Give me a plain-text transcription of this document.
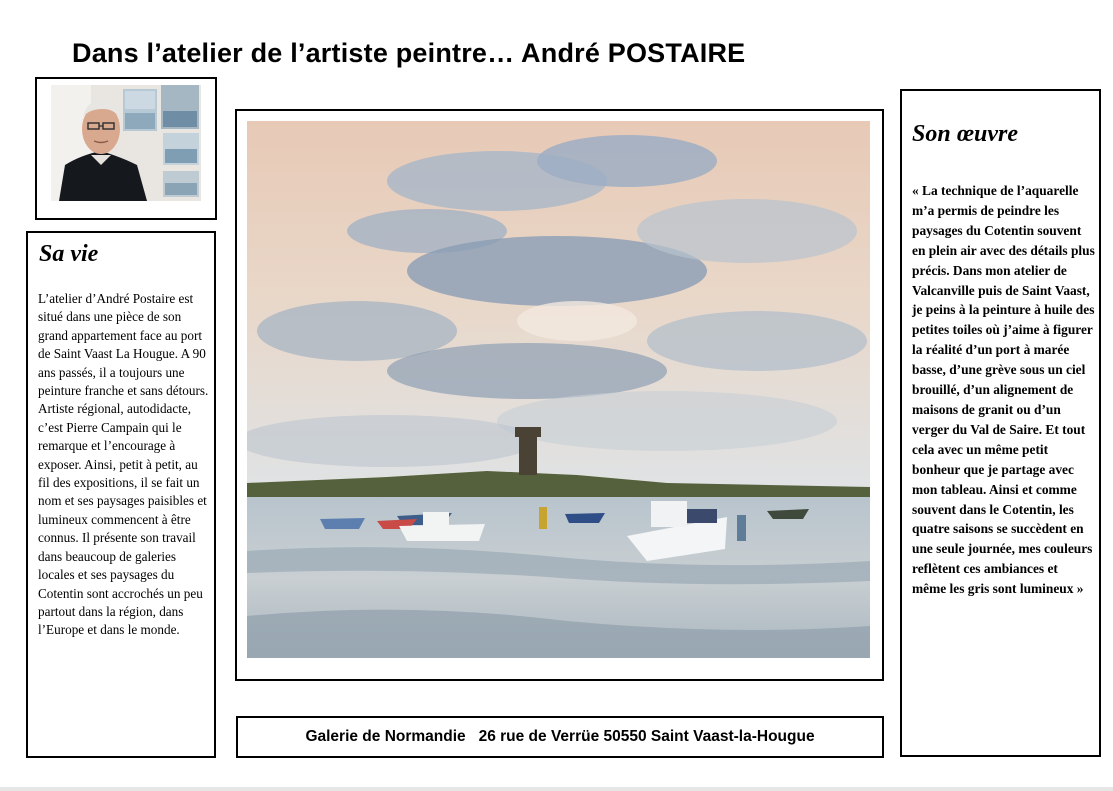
Dans l’atelier de l’artiste peintre… André POSTAIRE
Sa vie
L’atelier d’André Postaire est situé dans une pièce de son grand appartement face au port de Saint Vaast La Hougue. A 90 ans passés, il a toujours une peinture franche et sans détours. Artiste régional, autodidacte, c’est Pierre Campain qui le remarque et l’encourage à exposer. Ainsi, petit à petit, au fil des expositions, il se fait un nom et ses paysages paisibles et lumineux commencent à être connus. Il présente son travail dans beaucoup de galeries locales et ses paysages du Cotentin sont accrochés un peu partout dans la région, dans l’Europe et dans le monde.
Son œuvre
« La technique de l’aquarelle m’a permis de peindre les paysages du Cotentin souvent en plein air avec des détails plus précis. Dans mon atelier de Valcanville puis de Saint Vaast, je peins à la peinture à huile des petites toiles où j’aime à figurer la réalité d’un port à marée basse, d’une grève sous un ciel brouillé, d’un alignement de maisons de granit ou d’un verger du Val de Saire. Et tout cela avec un même petit bonheur que je partage avec mon tableau. Ainsi et comme souvent dans le Cotentin, les quatre saisons se succèdent en une seule journée, mes couleurs reflètent ces ambiances et même les gris sont lumineux »
Galerie de Normandie   26 rue de Verrüe 50550 Saint Vaast-la-Hougue
